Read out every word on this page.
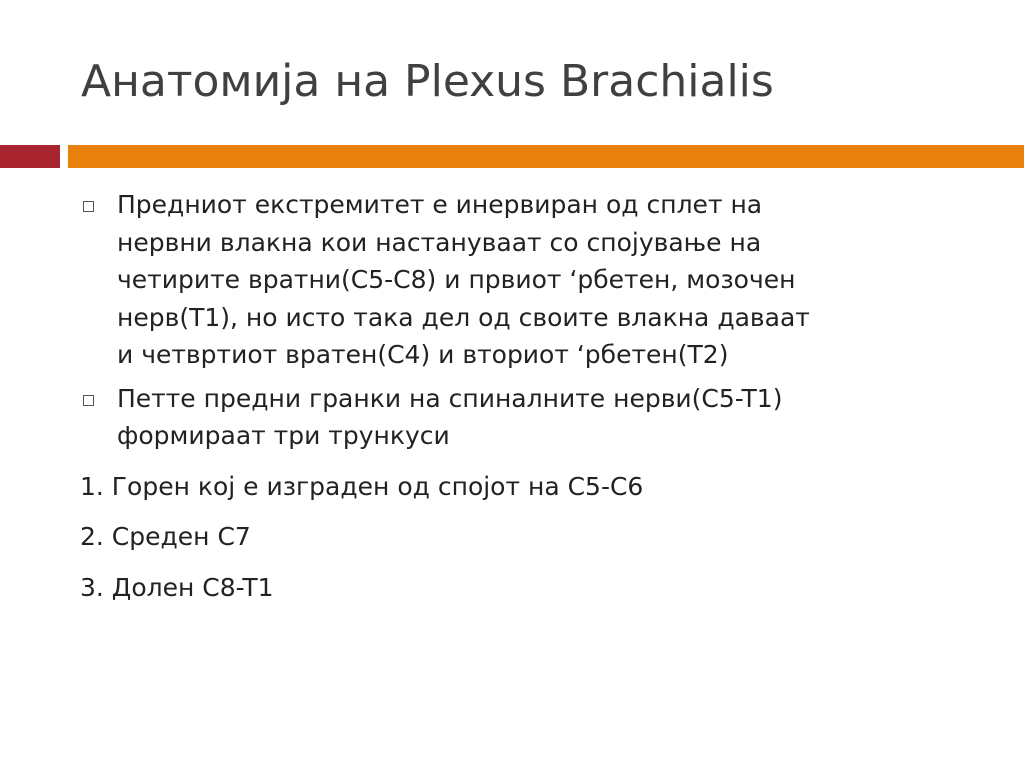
Анатомија на Plexus Brachialis
Предниот екстремитет е инервиран од сплет на
нервни влакна кои настануваат со спојување на
четирите вратни(C5-C8) и првиот ‘рбетен, мозочен
нерв(T1), но исто така дел од своите влакна даваат
и четвртиот вратен(C4) и вториот ‘рбетен(T2)
Петте предни гранки на спиналните нерви(C5-T1)
формираат три трункуси
1. Горен кој е изграден од спојот на C5-C6
2. Среден C7
3. Долен C8-T1
